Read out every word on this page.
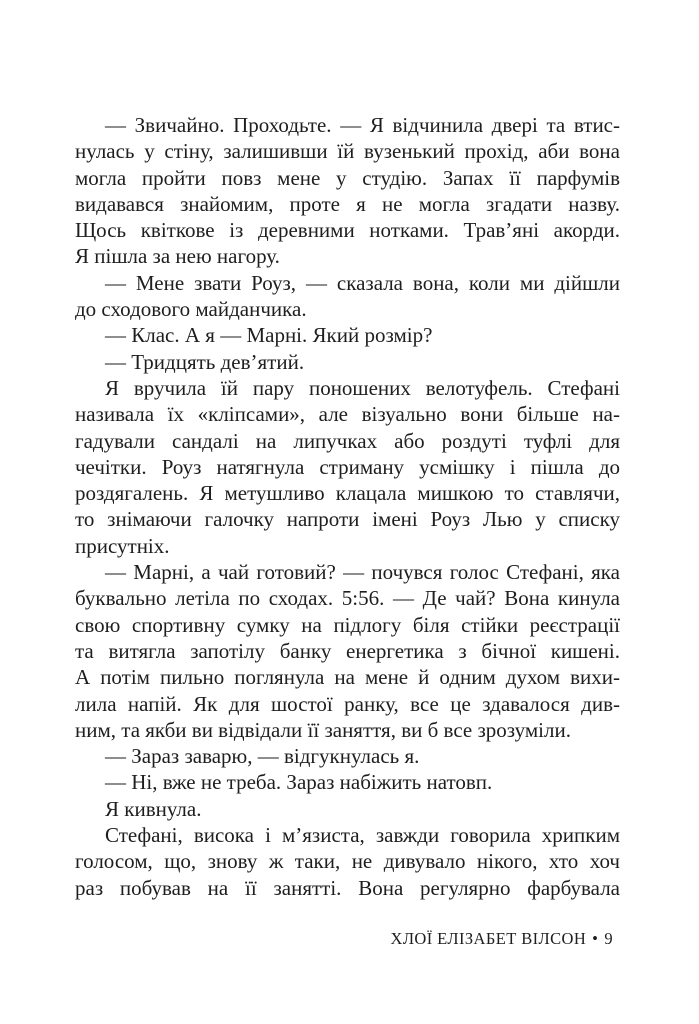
— Звичайно. Проходьте. — Я відчинила двері та втис-
нулась у стіну, залишивши їй вузенький прохід, аби вона
могла пройти повз мене у студію. Запах її парфумів
видавався знайомим, проте я не могла згадати назву.
Щось квіткове із деревними нотками. Трав’яні акорди.
Я пішла за нею нагору.
— Мене звати Роуз, — сказала вона, коли ми дійшли
до сходового майданчика.
— Клас. А я — Марні. Який розмір?
— Тридцять дев’ятий.
Я вручила їй пару поношених велотуфель. Стефані
називала їх «кліпсами», але візуально вони більше на-
гадували сандалі на липучках або роздуті туфлі для
чечітки. Роуз натягнула стриману усмішку і пішла до
роздягалень. Я метушливо клацала мишкою то ставлячи,
то знімаючи галочку напроти імені Роуз Лью у списку
присутніх.
— Марні, а чай готовий? — почувся голос Стефані, яка
буквально летіла по сходах. 5:56. — Де чай? Вона кинула
свою спортивну сумку на підлогу біля стійки реєстрації
та витягла запотілу банку енергетика з бічної кишені.
А потім пильно поглянула на мене й одним духом вихи-
лила напій. Як для шостої ранку, все це здавалося див-
ним, та якби ви відвідали її заняття, ви б все зрозуміли.
— Зараз заварю, — відгукнулась я.
— Ні, вже не треба. Зараз набіжить натовп.
Я кивнула.
Стефані, висока і м’язиста, завжди говорила хрипким
голосом, що, знову ж таки, не дивувало нікого, хто хоч
раз побував на її занятті. Вона регулярно фарбувала
ХЛОЇ ЕЛІЗАБЕТ ВІЛСОН • 9
